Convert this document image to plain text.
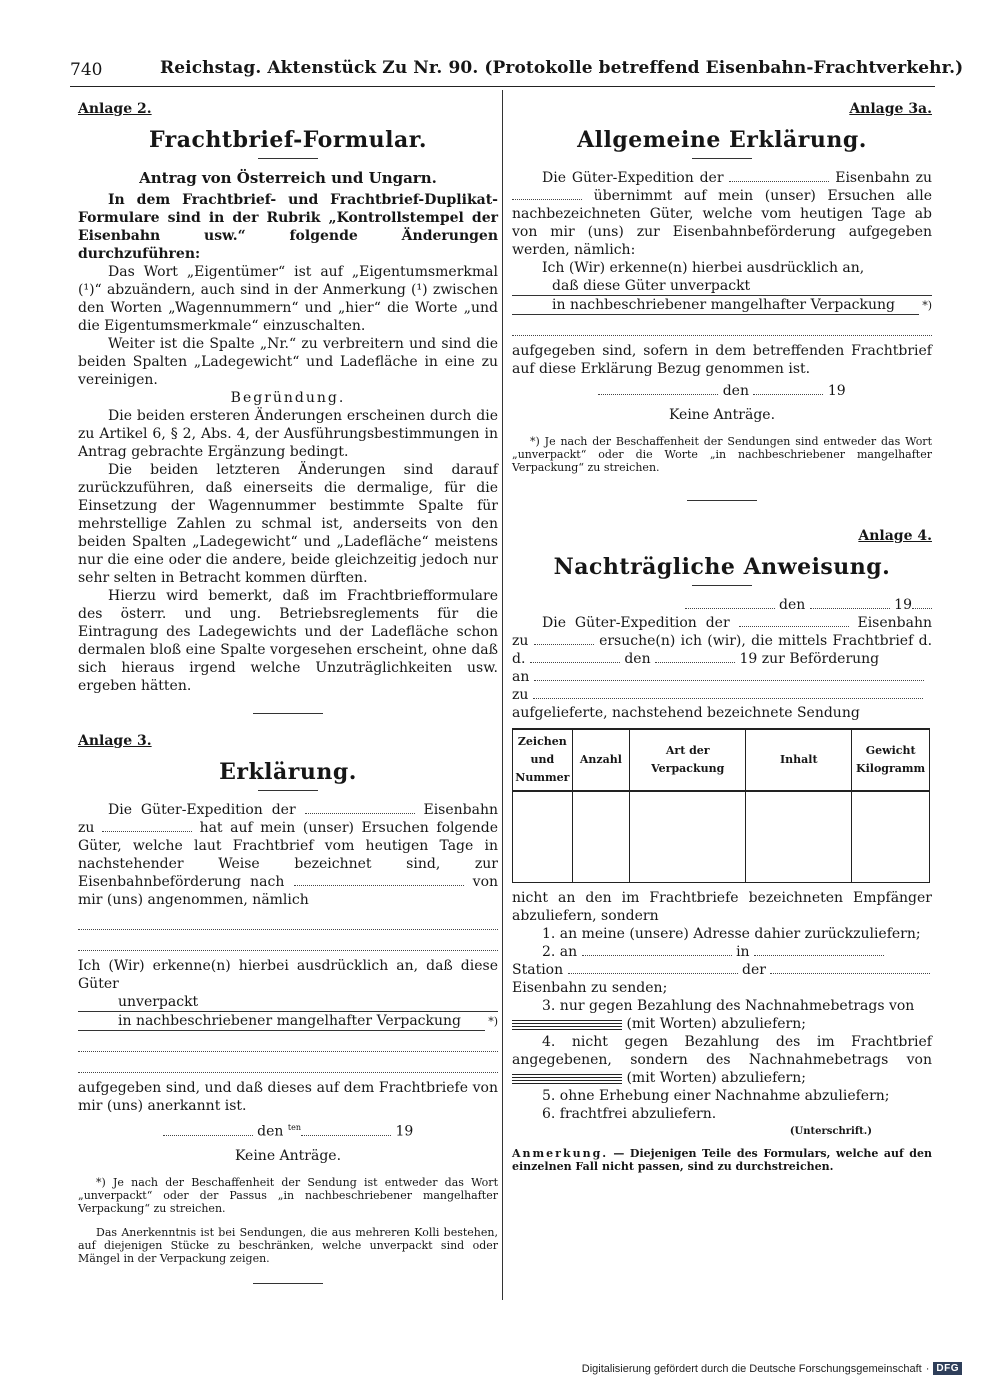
740	Reichstag. Aktenstück Zu Nr. 90. (Protokolle betreffend Eisenbahn-Frachtverkehr.)
Anlage 2.
Frachtbrief-Formular.
Antrag von Österreich und Ungarn.

In dem Frachtbrief- und Frachtbrief-Duplikat-Formulare sind in der Rubrik „Kontrollstempel der Eisenbahn usw.“ folgende Änderungen durchzuführen:

Das Wort „Eigentümer“ ist auf „Eigentumsmerkmal (¹)“ abzuändern, auch sind in der Anmerkung (¹) zwischen den Worten „Wagennummern“ und „hier“ die Worte „und die Eigentumsmerkmale“ einzuschalten.

Weiter ist die Spalte „Nr.“ zu verbreitern und sind die beiden Spalten „Ladegewicht“ und Ladefläche in eine zu vereinigen.

Begründung.

Die beiden ersteren Änderungen erscheinen durch die zu Artikel 6, § 2, Abs. 4, der Ausführungsbestimmungen in Antrag gebrachte Ergänzung bedingt.

Die beiden letzteren Änderungen sind darauf zurückzuführen, daß einerseits die dermalige, für die Einsetzung der Wagennummer bestimmte Spalte für mehrstellige Zahlen zu schmal ist, anderseits von den beiden Spalten „Ladegewicht“ und „Ladefläche“ meistens nur die eine oder die andere, beide gleichzeitig jedoch nur sehr selten in Betracht kommen dürften.

Hierzu wird bemerkt, daß im Frachtbriefformulare des österr. und ung. Betriebsreglements für die Eintragung des Ladegewichts und der Ladefläche schon dermalen bloß eine Spalte vorgesehen erscheint, ohne daß sich hieraus irgend welche Unzuträglichkeiten usw. ergeben hätten.

Anlage 3.
Erklärung.

Die Güter-Expedition der	Eisenbahn zu	hat auf mein (unser) Ersuchen folgende Güter, welche laut Frachtbrief vom heutigen Tage in nachstehender Weise bezeichnet sind, zur Eisenbahnbeförderung nach	von mir (uns) angenommen, nämlich

Ich (Wir) erkenne(n) hierbei ausdrücklich an, daß diese Güter

unverpackt
in nachbeschriebener mangelhafter Verpackung	*)

aufgegeben sind, und daß dieses auf dem Frachtbriefe von mir (uns) anerkannt ist.

den $^{ten}$	19

Keine Anträge.

*) Je nach der Beschaffenheit der Sendung ist entweder das Wort „unverpackt“ oder der Passus „in nachbeschriebener mangelhafter Verpackung“ zu streichen.

Das Anerkenntnis ist bei Sendungen, die aus mehreren Kolli bestehen, auf diejenigen Stücke zu beschränken, welche unverpackt sind oder Mängel in der Verpackung zeigen.

Anlage 3a.
Allgemeine Erklärung.

Die Güter-Expedition der	Eisenbahn zu  übernimmt auf mein (unser) Ersuchen alle nachbezeichneten Güter, welche vom heutigen Tage ab von mir (uns) zur Eisenbahnbeförderung aufgegeben werden, nämlich:

Ich (Wir) erkenne(n) hierbei ausdrücklich an,

daß diese Güter unverpackt
in nachbeschriebener mangelhafter Verpackung	*)

aufgegeben sind, sofern in dem betreffenden Frachtbrief auf diese Erklärung Bezug genommen ist.

den	19

Keine Anträge.

*) Je nach der Beschaffenheit der Sendungen sind entweder das Wort „unverpackt“ oder die Worte „in nachbeschriebener mangelhafter Verpackung“ zu streichen.

Anlage 4.
Nachträgliche Anweisung.

den	19

Die Güter-Expedition der	Eisenbahn zu	ersuche(n) ich (wir), die mittels Frachtbrief d. d.	den	19 zur Beförderung

an

zu

aufgelieferte, nachstehend bezeichnete Sendung

Zeichen und Nummer	Anzahl	Art der Verpackung	Inhalt	Gewicht Kilogramm

nicht an den im Frachtbriefe bezeichneten Empfänger abzuliefern, sondern

1. an meine (unsere) Adresse dahier zurückzuliefern;

2. an	in

Station	der

Eisenbahn zu senden;

3. nur gegen Bezahlung des Nachnahmebetrags von

(mit Worten) abzuliefern;

4. nicht gegen Bezahlung des im Frachtbrief angegebenen, sondern des Nachnahmebetrags von  (mit Worten) abzuliefern;

5. ohne Erhebung einer Nachnahme abzuliefern;

6. frachtfrei abzuliefern.

(Unterschrift.)

Anmerkung. — Diejenigen Teile des Formulars, welche auf den einzelnen Fall nicht passen, sind zu durchstreichen.

Digitalisierung gefördert durch die Deutsche Forschungsgemeinschaft · DFG
